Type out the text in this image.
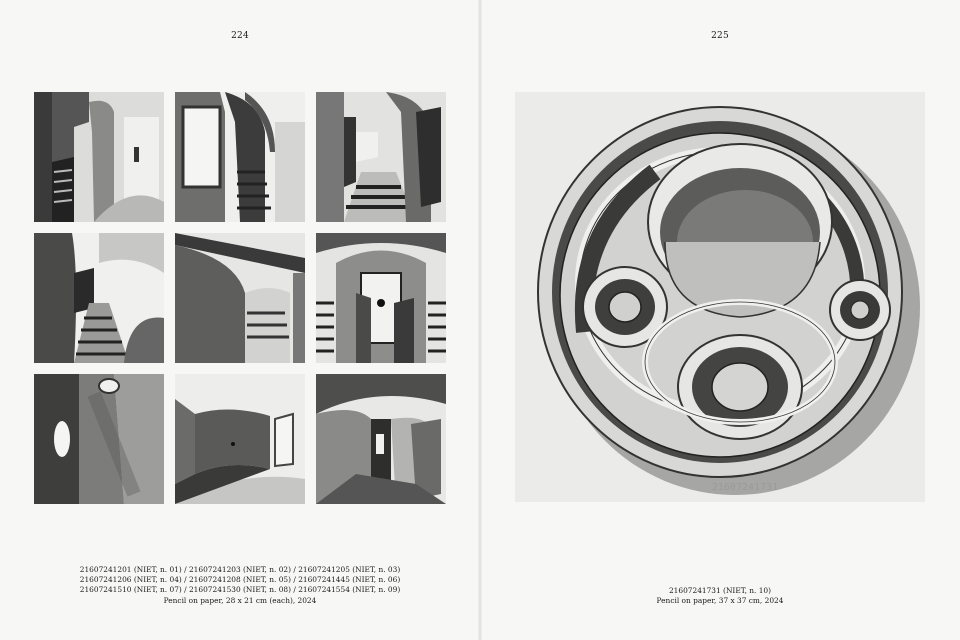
224
21607241201 (NIET, n. 01) / 21607241203 (NIET, n. 02) / 21607241205 (NIET, n. 03)
21607241206 (NIET, n. 04) / 21607241208 (NIET, n. 05) / 21607241445 (NIET, n. 06)
21607241510 (NIET, n. 07) / 21607241530 (NIET, n. 08) / 21607241554 (NIET, n. 09)
Pencil on paper, 28 x 21 cm (each), 2024
225
21607241731
21607241731 (NIET, n. 10)
Pencil on paper, 37 x 37 cm, 2024
